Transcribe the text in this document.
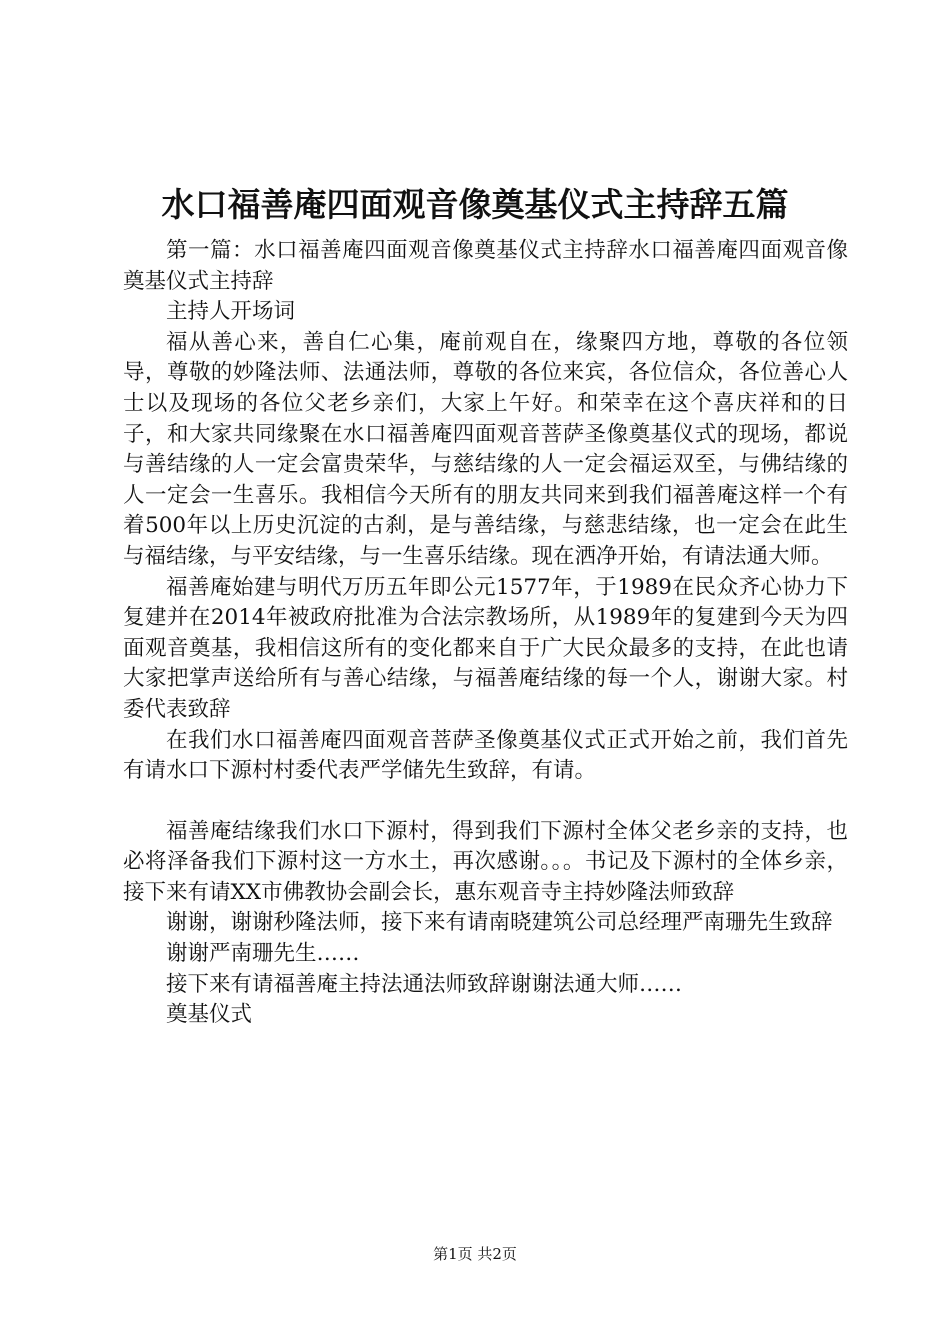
水口福善庵四面观音像奠基仪式主持辞五篇

第一篇：水口福善庵四面观音像奠基仪式主持辞水口福善庵四面观音像奠基仪式主持辞

主持人开场词

福从善心来，善自仁心集，庵前观自在，缘聚四方地，尊敬的各位领导，尊敬的妙隆法师、法通法师，尊敬的各位来宾，各位信众，各位善心人士以及现场的各位父老乡亲们，大家上午好。和荣幸在这个喜庆祥和的日子，和大家共同缘聚在水口福善庵四面观音菩萨圣像奠基仪式的现场，都说与善结缘的人一定会富贵荣华，与慈结缘的人一定会福运双至，与佛结缘的人一定会一生喜乐。我相信今天所有的朋友共同来到我们福善庵这样一个有着500年以上历史沉淀的古刹，是与善结缘，与慈悲结缘，也一定会在此生与福结缘，与平安结缘，与一生喜乐结缘。现在洒净开始，有请法通大师。

福善庵始建与明代万历五年即公元1577年，于1989在民众齐心协力下复建并在2014年被政府批准为合法宗教场所，从1989年的复建到今天为四面观音奠基，我相信这所有的变化都来自于广大民众最多的支持，在此也请大家把掌声送给所有与善心结缘，与福善庵结缘的每一个人，谢谢大家。村委代表致辞

在我们水口福善庵四面观音菩萨圣像奠基仪式正式开始之前，我们首先有请水口下源村村委代表严学储先生致辞，有请。

福善庵结缘我们水口下源村，得到我们下源村全体父老乡亲的支持，也必将泽备我们下源村这一方水土，再次感谢。。。书记及下源村的全体乡亲，接下来有请XX市佛教协会副会长，惠东观音寺主持妙隆法师致辞

谢谢，谢谢秒隆法师，接下来有请南晓建筑公司总经理严南珊先生致辞

谢谢严南珊先生……

接下来有请福善庵主持法通法师致辞谢谢法通大师……

奠基仪式

第1页 共2页
